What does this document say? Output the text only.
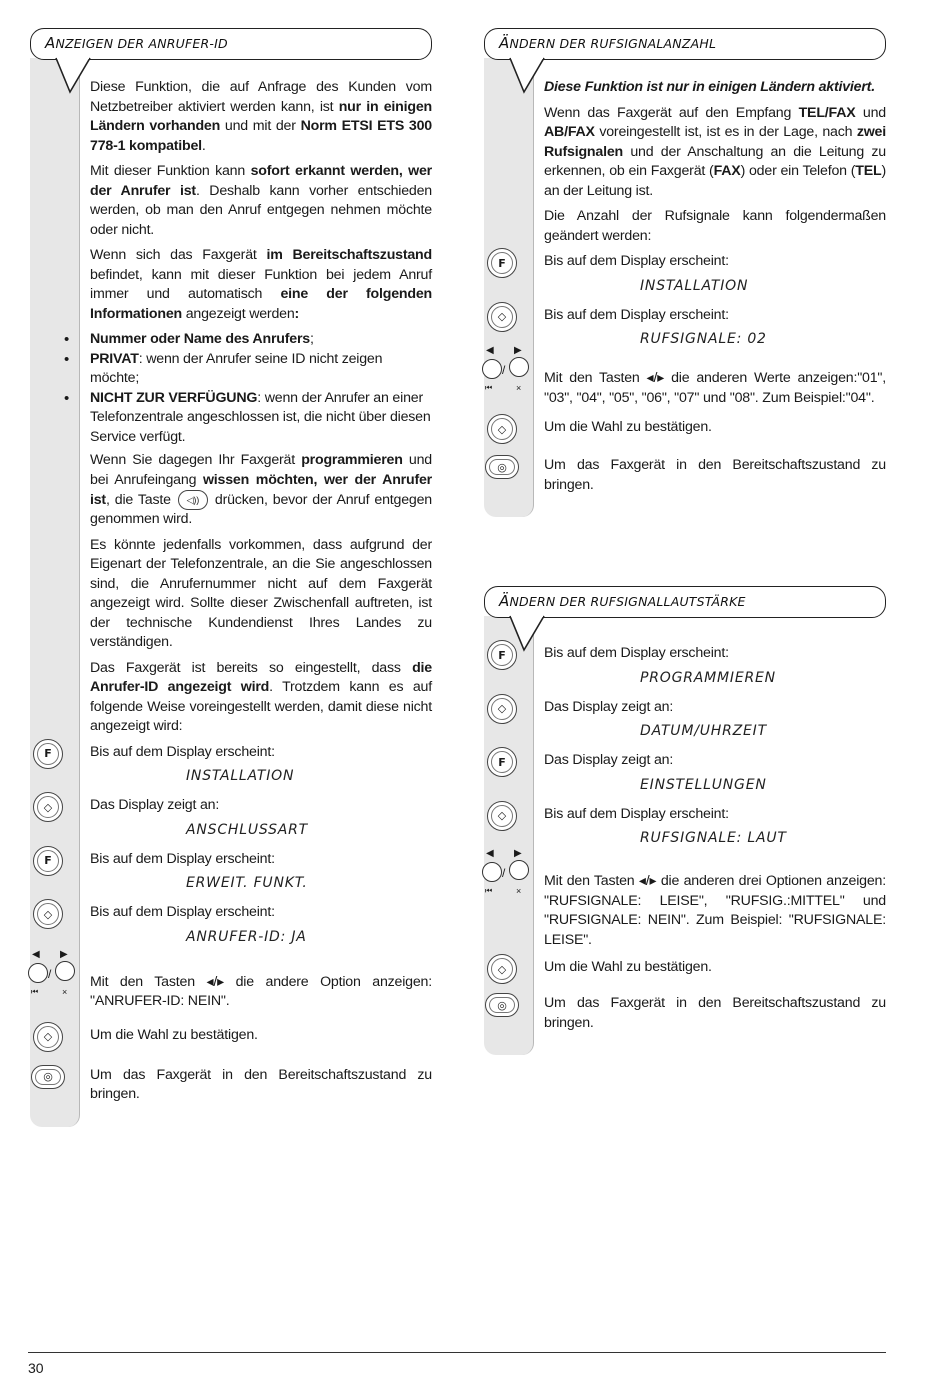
ANZEIGEN DER ANRUFER-ID

Diese Funktion, die auf Anfrage des Kunden vom Netzbetreiber aktiviert werden kann, ist nur in einigen Ländern vorhanden und mit der Norm ETSI ETS 300 778-1 kompatibel.

Mit dieser Funktion kann sofort erkannt werden, wer der Anrufer ist. Deshalb kann vorher entschieden werden, ob man den Anruf entgegen nehmen möchte oder nicht.

Wenn sich das Faxgerät im Bereitschaftszustand befindet, kann mit dieser Funktion bei jedem Anruf immer und automatisch eine der folgenden Informationen angezeigt werden:

• Nummer oder Name des Anrufers;
• PRIVAT: wenn der Anrufer seine ID nicht zeigen möchte;
• NICHT ZUR VERFÜGUNG: wenn der Anrufer an einer Telefonzentrale angeschlossen ist, die nicht über diesen Service verfügt.

Wenn Sie dagegen Ihr Faxgerät programmieren und bei Anrufeingang wissen möchten, wer der Anrufer ist, die Taste ◁)) drücken, bevor der Anruf entgegen genommen wird.

Es könnte jedenfalls vorkommen, dass aufgrund der Eigenart der Telefonzentrale, an die Sie angeschlossen sind, die Anrufernummer nicht auf dem Faxgerät angezeigt wird. Sollte dieser Zwischenfall auftreten, ist der technische Kundendienst Ihres Landes zu verständigen.

Das Faxgerät ist bereits so eingestellt, dass die Anrufer-ID angezeigt wird. Trotzdem kann es auf folgende Weise voreingestellt werden, damit diese nicht angezeigt wird:

F	Bis auf dem Display erscheint:

INSTALLATION
◇	Das Display zeigt an:

ANSCHLUSSART
F	Bis auf dem Display erscheint:

ERWEIT. FUNKT.
◇	Bis auf dem Display erscheint:

ANRUFER-ID: JA
◀ ▶
/
⏮	×

Mit den Tasten ◂/▸ die andere Option anzeigen: "ANRUFER-ID: NEIN".

◇	Um die Wahl zu bestätigen.

◎	Um das Faxgerät in den Bereitschaftszustand zu bringen.

ÄNDERN DER RUFSIGNALANZAHL

Diese Funktion ist nur in einigen Ländern aktiviert.

Wenn das Faxgerät auf den Empfang TEL/FAX und AB/FAX voreingestellt ist, ist es in der Lage, nach zwei Rufsignalen und der Anschaltung an die Leitung zu erkennen, ob ein Faxgerät (FAX) oder ein Telefon (TEL) an der Leitung ist.

Die Anzahl der Rufsignale kann folgendermaßen geändert werden:

F	Bis auf dem Display erscheint:

INSTALLATION
◇	Bis auf dem Display erscheint:

RUFSIGNALE: 02
◀ ▶
/
⏮	×

Mit den Tasten ◂/▸ die anderen Werte anzeigen:"01", "03", "04", "05", "06", "07" und "08". Zum Beispiel:"04".

◇	Um die Wahl zu bestätigen.

◎	Um das Faxgerät in den Bereitschaftszustand zu bringen.

ÄNDERN DER RUFSIGNALLAUTSTÄRKE
F	Bis auf dem Display erscheint:

PROGRAMMIEREN
◇	Das Display zeigt an:

DATUM/UHRZEIT
F	Das Display zeigt an:

EINSTELLUNGEN
◇	Bis auf dem Display erscheint:

RUFSIGNALE: LAUT
◀ ▶
/
⏮	×

Mit den Tasten ◂/▸ die anderen drei Optionen anzeigen: "RUFSIGNALE: LEISE", "RUFSIG.:MITTEL" und "RUFSIGNALE: NEIN". Zum Beispiel: "RUFSIGNALE: LEISE".

◇	Um die Wahl zu bestätigen.

◎	Um das Faxgerät in den Bereitschaftszustand zu bringen.

30
